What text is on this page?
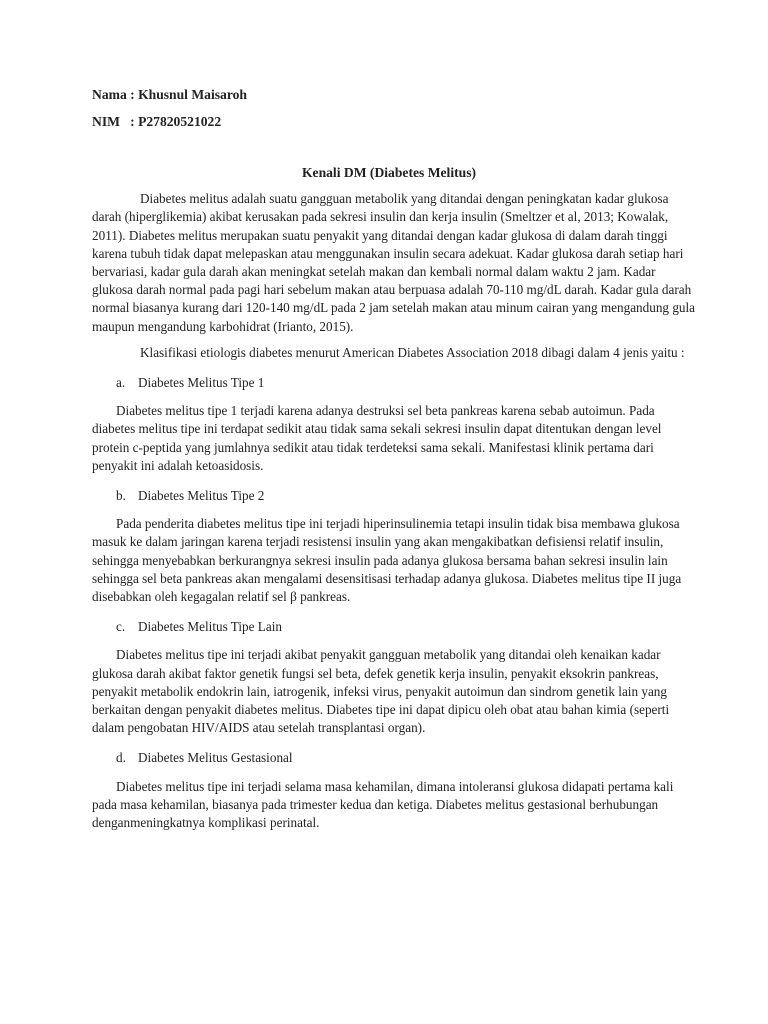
Nama : Khusnul Maisaroh
NIM   : P27820521022
Kenali DM (Diabetes Melitus)

Diabetes melitus adalah suatu gangguan metabolik yang ditandai dengan peningkatan kadar glukosa darah (hiperglikemia) akibat kerusakan pada sekresi insulin dan kerja insulin (Smeltzer et al, 2013; Kowalak, 2011). Diabetes melitus merupakan suatu penyakit yang ditandai dengan kadar glukosa di dalam darah tinggi karena tubuh tidak dapat melepaskan atau menggunakan insulin secara adekuat. Kadar glukosa darah setiap hari bervariasi, kadar gula darah akan meningkat setelah makan dan kembali normal dalam waktu 2 jam. Kadar glukosa darah normal pada pagi hari sebelum makan atau berpuasa adalah 70-110 mg/dL darah. Kadar gula darah normal biasanya kurang dari 120-140 mg/dL pada 2 jam setelah makan atau minum cairan yang mengandung gula maupun mengandung karbohidrat (Irianto, 2015).

Klasifikasi etiologis diabetes menurut American Diabetes Association 2018 dibagi dalam 4 jenis yaitu :

a. Diabetes Melitus Tipe 1

Diabetes melitus tipe 1 terjadi karena adanya destruksi sel beta pankreas karena sebab autoimun. Pada diabetes melitus tipe ini terdapat sedikit atau tidak sama sekali sekresi insulin dapat ditentukan dengan level protein c-peptida yang jumlahnya sedikit atau tidak terdeteksi sama sekali. Manifestasi klinik pertama dari penyakit ini adalah ketoasidosis.

b. Diabetes Melitus Tipe 2

Pada penderita diabetes melitus tipe ini terjadi hiperinsulinemia tetapi insulin tidak bisa membawa glukosa masuk ke dalam jaringan karena terjadi resistensi insulin yang akan mengakibatkan defisiensi relatif insulin, sehingga menyebabkan berkurangnya sekresi insulin pada adanya glukosa bersama bahan sekresi insulin lain sehingga sel beta pankreas akan mengalami desensitisasi terhadap adanya glukosa. Diabetes melitus tipe II juga disebabkan oleh kegagalan relatif sel β pankreas.

c. Diabetes Melitus Tipe Lain

Diabetes melitus tipe ini terjadi akibat penyakit gangguan metabolik yang ditandai oleh kenaikan kadar glukosa darah akibat faktor genetik fungsi sel beta, defek genetik kerja insulin, penyakit eksokrin pankreas, penyakit metabolik endokrin lain, iatrogenik, infeksi virus, penyakit autoimun dan sindrom genetik lain yang berkaitan dengan penyakit diabetes melitus. Diabetes tipe ini dapat dipicu oleh obat atau bahan kimia (seperti dalam pengobatan HIV/AIDS atau setelah transplantasi organ).

d. Diabetes Melitus Gestasional

Diabetes melitus tipe ini terjadi selama masa kehamilan, dimana intoleransi glukosa didapati pertama kali pada masa kehamilan, biasanya pada trimester kedua dan ketiga. Diabetes melitus gestasional berhubungan denganmeningkatnya komplikasi perinatal.
